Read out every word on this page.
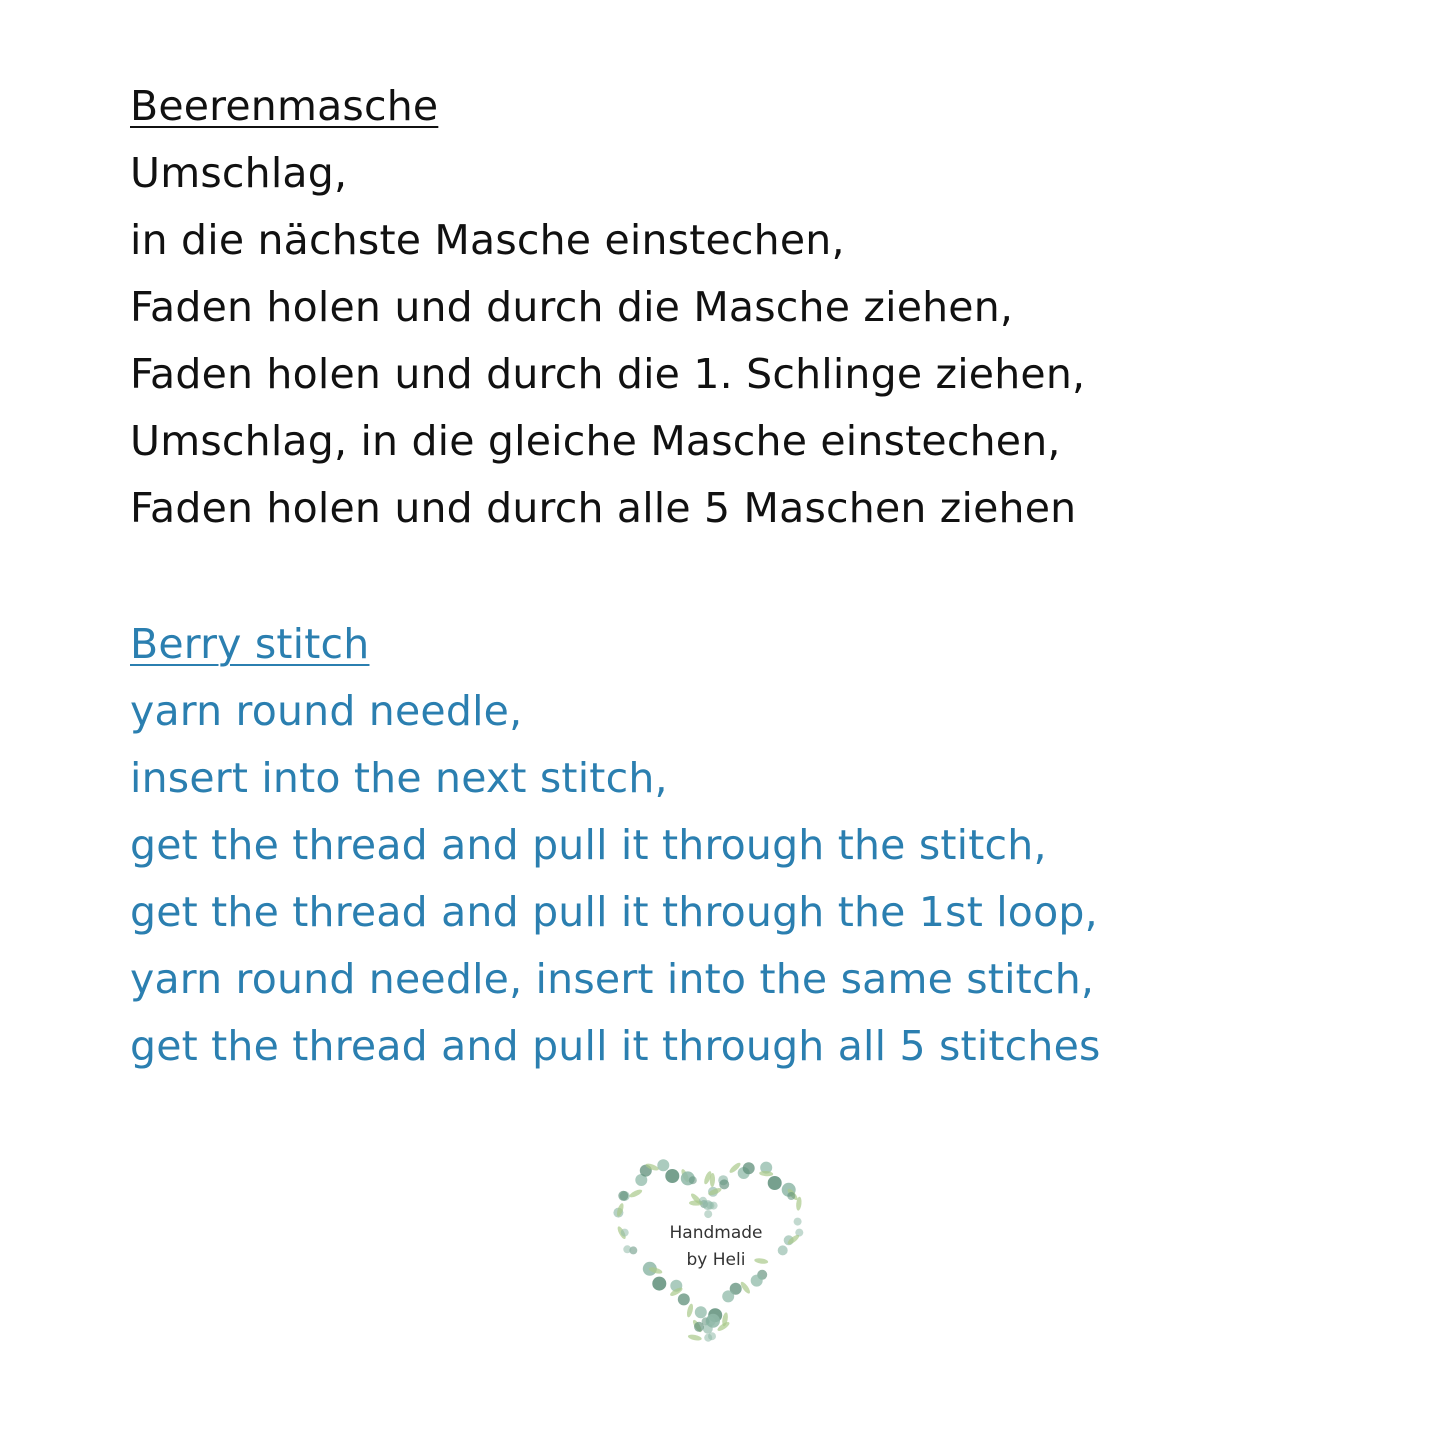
Beerenmasche
Umschlag,
in die nächste Masche einstechen,
Faden holen und durch die Masche ziehen,
Faden holen und durch die 1. Schlinge ziehen,
Umschlag, in die gleiche Masche einstechen,
Faden holen und durch alle 5 Maschen ziehen
Berry stitch
yarn round needle,
insert into the next stitch,
get the thread and pull it through the stitch,
get the thread and pull it through the 1st loop,
yarn round needle, insert into the same stitch,
get the thread and pull it through all 5 stitches
Handmade
by Heli
